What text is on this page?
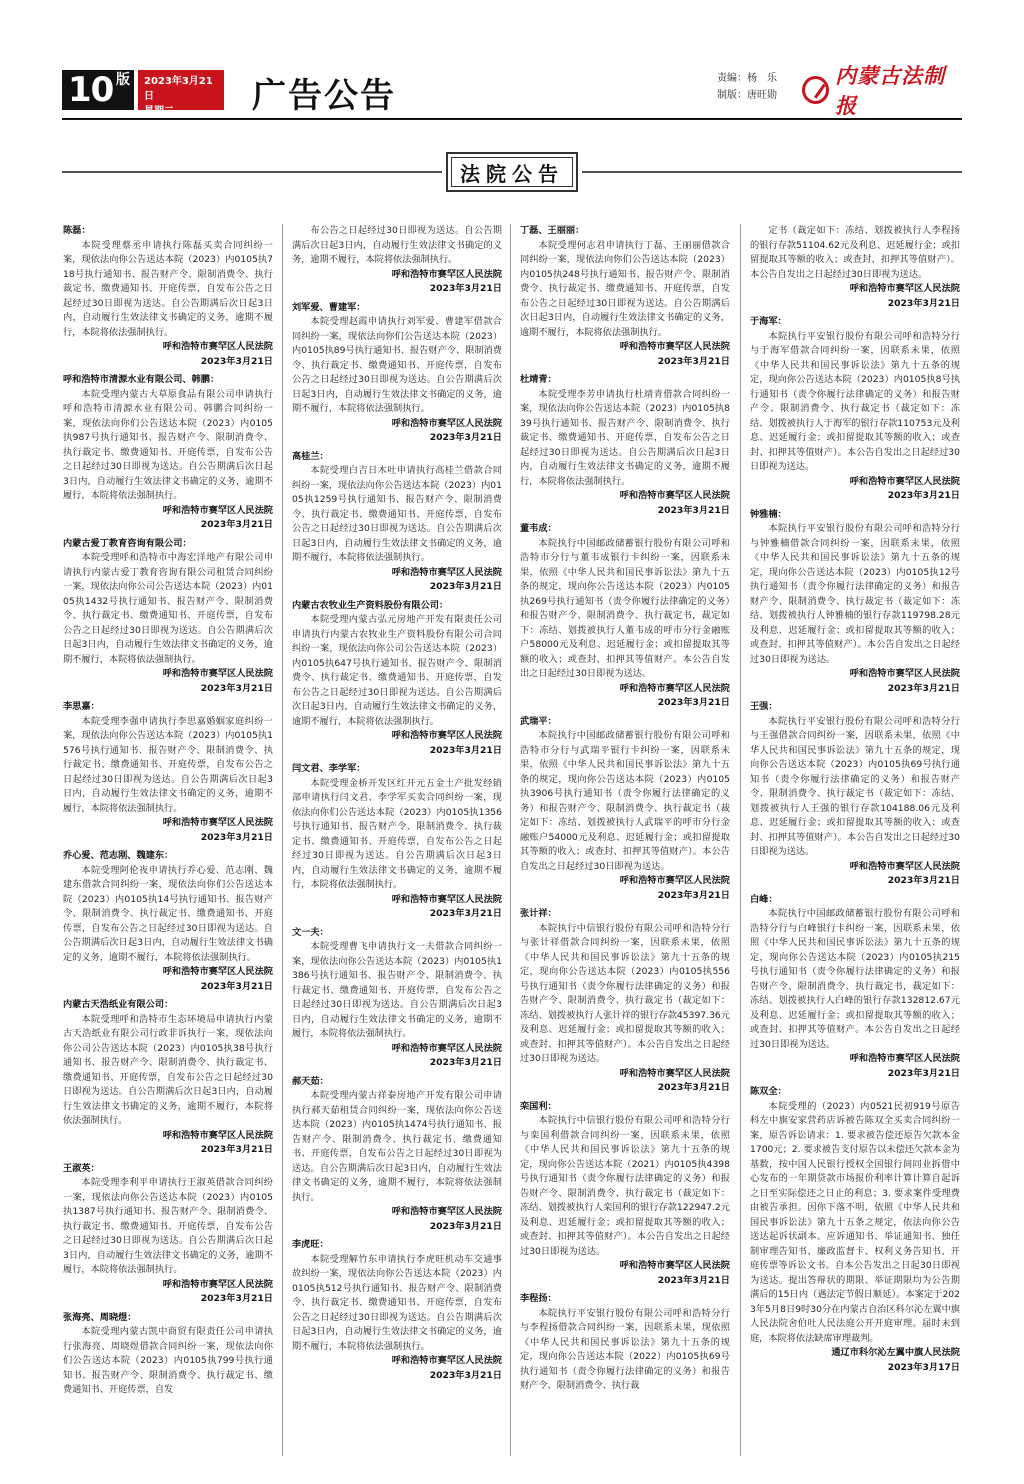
10 版 2023年3月21日
星期二	广告公告	责编：杨　乐
制版：唐旺勋
内蒙古法制报
法院公告
陈磊：
本院受理蔡丞申请执行陈磊买卖合同纠纷一案，现依法向你公告送达本院（2023）内0105执718号执行通知书、报告财产令、限制消费令、执行裁定书、缴费通知书、开庭传票，自发布公告之日起经过30日即视为送达。自公告期满后次日起3日内，自动履行生效法律文书确定的义务，逾期不履行，本院将依法强制执行。
呼和浩特市赛罕区人民法院
2023年3月21日
呼和浩特市清源水业有限公司、韩鹏：
本院受理内蒙古大草原食品有限公司申请执行呼和浩特市清源水业有限公司、韩鹏合同纠纷一案，现依法向你们公告送达本院（2023）内0105执987号执行通知书、报告财产令、限制消费令、执行裁定书、缴费通知书、开庭传票，自发布公告之日起经过30日即视为送达。自公告期满后次日起3日内，自动履行生效法律文书确定的义务，逾期不履行，本院将依法强制执行。
呼和浩特市赛罕区人民法院
2023年3月21日
内蒙古爱丁教育咨询有限公司：
本院受理呼和浩特市中海宏洋地产有限公司申请执行内蒙古爱丁教育咨询有限公司租赁合同纠纷一案，现依法向你公司公告送达本院（2023）内0105执1432号执行通知书、报告财产令、限制消费令、执行裁定书、缴费通知书、开庭传票，自发布公告之日起经过30日即视为送达。自公告期满后次日起3日内，自动履行生效法律文书确定的义务，逾期不履行，本院将依法强制执行。
呼和浩特市赛罕区人民法院
2023年3月21日
李思嘉：
本院受理李强申请执行李思嘉婚姻家庭纠纷一案，现依法向你公告送达本院（2023）内0105执1576号执行通知书、报告财产令、限制消费令、执行裁定书、缴费通知书、开庭传票，自发布公告之日起经过30日即视为送达。自公告期满后次日起3日内，自动履行生效法律文书确定的义务，逾期不履行，本院将依法强制执行。
呼和浩特市赛罕区人民法院
2023年3月21日
乔心爱、范志刚、魏建东：
本院受理阿伦夜申请执行乔心爱、范志刚、魏建东借款合同纠纷一案，现依法向你们公告送达本院（2023）内0105执14号执行通知书、报告财产令、限制消费令、执行裁定书、缴费通知书、开庭传票，自发布公告之日起经过30日即视为送达。自公告期满后次日起3日内，自动履行生效法律文书确定的义务，逾期不履行，本院将依法强制执行。
呼和浩特市赛罕区人民法院
2023年3月21日
内蒙古天浩纸业有限公司：
本院受理呼和浩特市生态环境局申请执行内蒙古天浩纸业有限公司行政非诉执行一案，现依法向你公司公告送达本院（2023）内0105执38号执行通知书、报告财产令、限制消费令、执行裁定书、缴费通知书、开庭传票，自发布公告之日起经过30日即视为送达。自公告期满后次日起3日内，自动履行生效法律文书确定的义务，逾期不履行，本院将依法强制执行。
呼和浩特市赛罕区人民法院
2023年3月21日
王淑英：
本院受理李利平申请执行王淑英借款合同纠纷一案，现依法向你公告送达本院（2023）内0105执1387号执行通知书、报告财产令、限制消费令、执行裁定书、缴费通知书、开庭传票，自发布公告之日起经过30日即视为送达。自公告期满后次日起3日内，自动履行生效法律文书确定的义务，逾期不履行，本院将依法强制执行。
呼和浩特市赛罕区人民法院
2023年3月21日
张海亮、周晓煜：
本院受理内蒙古凯中商贸有限责任公司申请执行张海亮、周晓煜借款合同纠纷一案，现依法向你们公告送达本院（2023）内0105执799号执行通知书、报告财产令、限制消费令、执行裁定书、缴费通知书、开庭传票，自发
布公告之日起经过30日即视为送达。自公告期满后次日起3日内，自动履行生效法律文书确定的义务，逾期不履行，本院将依法强制执行。
呼和浩特市赛罕区人民法院
2023年3月21日
刘军爱、曹建军：
本院受理赵霞申请执行刘军爱、曹建军借款合同纠纷一案，现依法向你们公告送达本院（2023）内0105执89号执行通知书、报告财产令、限制消费令、执行裁定书、缴费通知书、开庭传票，自发布公告之日起经过30日即视为送达。自公告期满后次日起3日内，自动履行生效法律文书确定的义务，逾期不履行，本院将依法强制执行。
呼和浩特市赛罕区人民法院
2023年3月21日
高桂兰：
本院受理白吉日木吐申请执行高桂兰借款合同纠纷一案，现依法向你公告送达本院（2023）内0105执1259号执行通知书、报告财产令、限制消费令、执行裁定书、缴费通知书、开庭传票，自发布公告之日起经过30日即视为送达。自公告期满后次日起3日内，自动履行生效法律文书确定的义务，逾期不履行，本院将依法强制执行。
呼和浩特市赛罕区人民法院
2023年3月21日
内蒙古农牧业生产资料股份有限公司：
本院受理内蒙古弘元房地产开发有限责任公司申请执行内蒙古农牧业生产资料股份有限公司合同纠纷一案，现依法向你公司公告送达本院（2023）内0105执647号执行通知书、报告财产令、限制消费令、执行裁定书、缴费通知书、开庭传票，自发布公告之日起经过30日即视为送达。自公告期满后次日起3日内，自动履行生效法律文书确定的义务，逾期不履行，本院将依法强制执行。
呼和浩特市赛罕区人民法院
2023年3月21日
闫文君、李学军：
本院受理金桥开发区红开元五金土产批发经销部申请执行闫文君、李学军买卖合同纠纷一案，现依法向你们公告送达本院（2023）内0105执1356号执行通知书、报告财产令、限制消费令、执行裁定书、缴费通知书、开庭传票，自发布公告之日起经过30日即视为送达。自公告期满后次日起3日内，自动履行生效法律文书确定的义务，逾期不履行，本院将依法强制执行。
呼和浩特市赛罕区人民法院
2023年3月21日
文一夫：
本院受理曹飞申请执行文一夫借款合同纠纷一案，现依法向你公告送达本院（2023）内0105执1386号执行通知书、报告财产令、限制消费令、执行裁定书、缴费通知书、开庭传票，自发布公告之日起经过30日即视为送达。自公告期满后次日起3日内，自动履行生效法律文书确定的义务，逾期不履行，本院将依法强制执行。
呼和浩特市赛罕区人民法院
2023年3月21日
郝天茹：
本院受理内蒙古祥泰房地产开发有限公司申请执行郝天茹租赁合同纠纷一案，现依法向你公告送达本院（2023）内0105执1474号执行通知书、报告财产令、限制消费令、执行裁定书、缴费通知书、开庭传票，自发布公告之日起经过30日即视为送达。自公告期满后次日起3日内，自动履行生效法律文书确定的义务，逾期不履行，本院将依法强制执行。
呼和浩特市赛罕区人民法院
2023年3月21日
李虎旺：
本院受理解竹东申请执行李虎旺机动车交通事故纠纷一案，现依法向你公告送达本院（2023）内0105执512号执行通知书、报告财产令、限制消费令、执行裁定书、缴费通知书、开庭传票，自发布公告之日起经过30日即视为送达。自公告期满后次日起3日内，自动履行生效法律文书确定的义务，逾期不履行，本院将依法强制执行。
呼和浩特市赛罕区人民法院
2023年3月21日
丁磊、王丽丽：
本院受理何志君申请执行丁磊、王丽丽借款合同纠纷一案，现依法向你们公告送达本院（2023）内0105执248号执行通知书、报告财产令、限制消费令、执行裁定书、缴费通知书、开庭传票，自发布公告之日起经过30日即视为送达。自公告期满后次日起3日内，自动履行生效法律文书确定的义务，逾期不履行，本院将依法强制执行。
呼和浩特市赛罕区人民法院
2023年3月21日
杜靖青：
本院受理李芳申请执行杜靖青借款合同纠纷一案，现依法向你公告送达本院（2023）内0105执839号执行通知书、报告财产令、限制消费令、执行裁定书、缴费通知书、开庭传票，自发布公告之日起经过30日即视为送达。自公告期满后次日起3日内，自动履行生效法律文书确定的义务，逾期不履行，本院将依法强制执行。
呼和浩特市赛罕区人民法院
2023年3月21日
董韦成：
本院执行中国邮政储蓄银行股份有限公司呼和浩特市分行与董韦成银行卡纠纷一案，因联系未果，依照《中华人民共和国民事诉讼法》第九十五条的规定，现向你公告送达本院（2023）内0105执269号执行通知书（责令你履行法律确定的义务）和报告财产令、限制消费令、执行裁定书，裁定如下：冻结、划拨被执行人董韦成的呼市分行金融账户58000元及利息、迟延履行金；或扣留提取其等额的收入；或查封、扣押其等值财产。本公告自发出之日起经过30日即视为送达。
呼和浩特市赛罕区人民法院
2023年3月21日
武瑞平：
本院执行中国邮政储蓄银行股份有限公司呼和浩特市分行与武瑞平银行卡纠纷一案，因联系未果，依照《中华人民共和国民事诉讼法》第九十五条的规定，现向你公告送达本院（2023）内0105执3906号执行通知书（责令你履行法律确定的义务）和报告财产令、限制消费令、执行裁定书（裁定如下：冻结、划拨被执行人武瑞平的呼市分行金融账户54000元及利息、迟延履行金；或扣留提取其等额的收入；或查封、扣押其等值财产）。本公告自发出之日起经过30日即视为送达。
呼和浩特市赛罕区人民法院
2023年3月21日
张计祥：
本院执行中信银行股份有限公司呼和浩特分行与张计祥借款合同纠纷一案，因联系未果，依照《中华人民共和国民事诉讼法》第九十五条的规定，现向你公告送达本院（2023）内0105执556号执行通知书（责令你履行法律确定的义务）和报告财产令、限制消费令、执行裁定书（裁定如下：冻结、划拨被执行人张计祥的银行存款45397.36元及利息、迟延履行金；或扣留提取其等额的收入；或查封、扣押其等值财产）。本公告自发出之日起经过30日即视为送达。
呼和浩特市赛罕区人民法院
2023年3月21日
栾国利：
本院执行中信银行股份有限公司呼和浩特分行与栾国利借款合同纠纷一案，因联系未果，依照《中华人民共和国民事诉讼法》第九十五条的规定，现向你公告送达本院（2021）内0105执4398号执行通知书（责令你履行法律确定的义务）和报告财产令、限制消费令、执行裁定书（裁定如下：冻结、划拨被执行人栾国利的银行存款122947.2元及利息、迟延履行金；或扣留提取其等额的收入；或查封、扣押其等值财产）。本公告自发出之日起经过30日即视为送达。
呼和浩特市赛罕区人民法院
2023年3月21日
李程扬：
本院执行平安银行股份有限公司呼和浩特分行与李程扬借款合同纠纷一案，因联系未果，现依照《中华人民共和国民事诉讼法》第九十五条的规定，现向你公告送达本院（2022）内0105执69号执行通知书（责令你履行法律确定的义务）和报告财产令、限制消费令、执行裁
定书（裁定如下：冻结、划拨被执行人李程扬的银行存款51104.62元及利息、迟延履行金；或扣留提取其等额的收入；或查封、扣押其等值财产）。本公告自发出之日起经过30日即视为送达。
呼和浩特市赛罕区人民法院
2023年3月21日
于海军：
本院执行平安银行股份有限公司呼和浩特分行与于海军借款合同纠纷一案，因联系未果，依照《中华人民共和国民事诉讼法》第九十五条的规定，现向你公告送达本院（2023）内0105执8号执行通知书（责令你履行法律确定的义务）和报告财产令、限制消费令、执行裁定书（裁定如下：冻结、划拨被执行人于海军的银行存款110753元及利息、迟延履行金；或扣留提取其等额的收入；或查封、扣押其等值财产）。本公告自发出之日起经过30日即视为送达。
呼和浩特市赛罕区人民法院
2023年3月21日
钟雅楠：
本院执行平安银行股份有限公司呼和浩特分行与钟雅楠借款合同纠纷一案，因联系未果，依照《中华人民共和国民事诉讼法》第九十五条的规定，现向你公告送达本院（2023）内0105执12号执行通知书（责令你履行法律确定的义务）和报告财产令、限制消费令、执行裁定书（裁定如下：冻结、划拨被执行人钟雅楠的银行存款119798.28元及利息、迟延履行金；或扣留提取其等额的收入；或查封、扣押其等值财产）。本公告自发出之日起经过30日即视为送达。
呼和浩特市赛罕区人民法院
2023年3月21日
王强：
本院执行平安银行股份有限公司呼和浩特分行与王强借款合同纠纷一案，因联系未果，依照《中华人民共和国民事诉讼法》第九十五条的规定，现向你公告送达本院（2023）内0105执69号执行通知书（责令你履行法律确定的义务）和报告财产令、限制消费令、执行裁定书（裁定如下：冻结、划拨被执行人王强的银行存款104188.06元及利息、迟延履行金；或扣留提取其等额的收入；或查封、扣押其等值财产）。本公告自发出之日起经过30日即视为送达。
呼和浩特市赛罕区人民法院
2023年3月21日
白峰：
本院执行中国邮政储蓄银行股份有限公司呼和浩特分行与白峰银行卡纠纷一案，因联系未果，依照《中华人民共和国民事诉讼法》第九十五条的规定，现向你公告送达本院（2023）内0105执215号执行通知书（责令你履行法律确定的义务）和报告财产令、限制消费令、执行裁定书，裁定如下：冻结、划拨被执行人白峰的银行存款132812.67元及利息、迟延履行金；或扣留提取其等额的收入；或查封、扣押其等值财产。本公告自发出之日起经过30日即视为送达。
呼和浩特市赛罕区人民法院
2023年3月21日
陈双全：
本院受理的（2023）内0521民初919号原告科左中旗安家营药店诉被告陈双全买卖合同纠纷一案，原告诉讼请求：1. 要求被告偿还原告欠款本金1700元；2. 要求被告支付原告以未偿还欠款本金为基数，按中国人民银行授权全国银行间同业拆借中心发布的一年期贷款市场报价利率计算计算自起诉之日至实际偿还之日止的利息；3. 要求案件受理费由被告承担。因你下落不明，依照《中华人民共和国民事诉讼法》第九十五条之规定，依法向你公告送达起诉状副本、应诉通知书、举证通知书、独任制审理告知书、廉政监督卡、权利义务告知书、开庭传票等诉讼文书。自本公告发出之日起30日即视为送达。提出答辩状的期限、举证期限均为公告期满后的15日内（遇法定节假日顺延）。本案定于2023年5月8日9时30分在内蒙古自治区科尔沁左翼中旗人民法院舍伯吐人民法庭公开开庭审理。届时未到庭，本院将依法缺席审理裁判。
通辽市科尔沁左翼中旗人民法院
2023年3月17日
